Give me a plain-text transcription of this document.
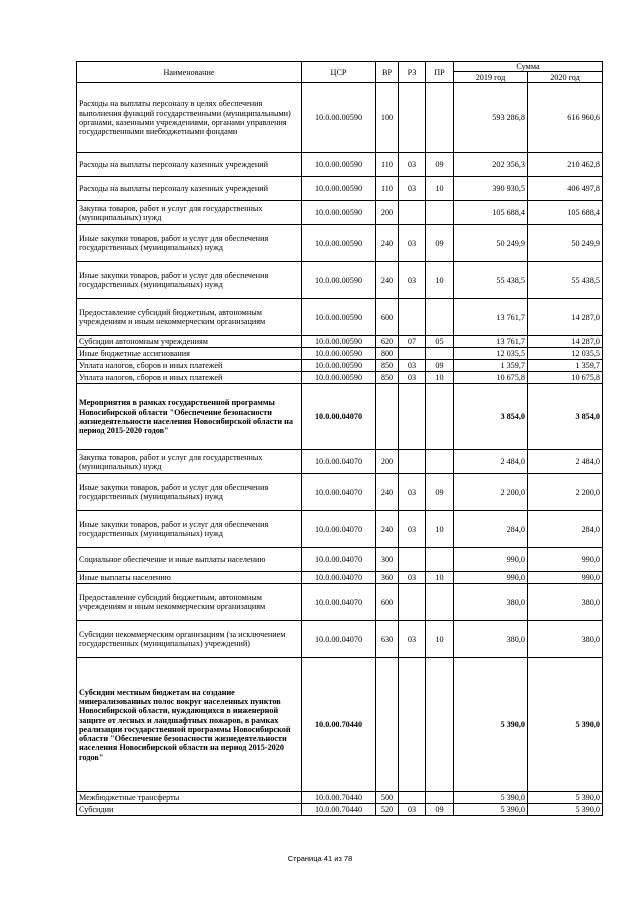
Наименование	ЦСР	ВР	РЗ	ПР	Сумма	
					2019 год	2020 год
Расходы на выплаты персоналу в целях обеспечения выполнения функций государственными (муниципальными) органами, казенными учреждениями, органами управления государственными внебюджетными фондами	10.0.00.00590	100			593 286,8	616 960,6
Расходы на выплаты персоналу казенных учреждений	10.0.00.00590	110	03	09	202 356,3	210 462,8
Расходы на выплаты персоналу казенных учреждений	10.0.00.00590	110	03	10	390 930,5	406 497,8
Закупка товаров, работ и услуг для государственных (муниципальных) нужд	10.0.00.00590	200			105 688,4	105 688,4
Иные закупки товаров, работ и услуг для обеспечения государственных (муниципальных) нужд	10.0.00.00590	240	03	09	50 249,9	50 249,9
Иные закупки товаров, работ и услуг для обеспечения государственных (муниципальных) нужд	10.0.00.00590	240	03	10	55 438,5	55 438,5
Предоставление субсидий бюджетным, автономным учреждениям и иным некоммерческим организациям	10.0.00.00590	600			13 761,7	14 287,0
Субсидии автономным учреждениям	10.0.00.00590	620	07	05	13 761,7	14 287,0
Иные бюджетные ассигнования	10.0.00.00590	800			12 035,5	12 035,5
Уплата налогов, сборов и иных платежей	10.0.00.00590	850	03	09	1 359,7	1 359,7
Уплата налогов, сборов и иных платежей	10.0.00.00590	850	03	10	10 675,8	10 675,8
Мероприятия в рамках государственной программы Новосибирской области "Обеспечение безопасности жизнедеятельности населения Новосибирской области на период 2015-2020 годов"	10.0.00.04070				3 854,0	3 854,0
Закупка товаров, работ и услуг для государственных (муниципальных) нужд	10.0.00.04070	200			2 484,0	2 484,0
Иные закупки товаров, работ и услуг для обеспечения государственных (муниципальных) нужд	10.0.00.04070	240	03	09	2 200,0	2 200,0
Иные закупки товаров, работ и услуг для обеспечения государственных (муниципальных) нужд	10.0.00.04070	240	03	10	284,0	284,0
Социальное обеспечение и иные выплаты населению	10.0.00.04070	300			990,0	990,0
Иные выплаты населению	10.0.00.04070	360	03	10	990,0	990,0
Предоставление субсидий бюджетным, автономным учреждениям и иным некоммерческим организациям	10.0.00.04070	600			380,0	380,0
Субсидии некоммерческим организациям (за исключением государственных (муниципальных) учреждений)	10.0.00.04070	630	03	10	380,0	380,0
Субсидии местным бюджетам на создание минерализованных полос вокруг населенных пунктов Новосибирской области, нуждающихся в инженерной защите от лесных и ландшафтных пожаров, в рамках реализации государственной программы Новосибирской области "Обеспечение безопасности жизнедеятельности населения Новосибирской области на период 2015-2020 годов"	10.0.00.70440				5 390,0	5 390,0
Межбюджетные трансферты	10.0.00.70440	500			5 390,0	5 390,0
Субсидии	10.0.00.70440	520	03	09	5 390,0	5 390,0
Страница 41 из 78
